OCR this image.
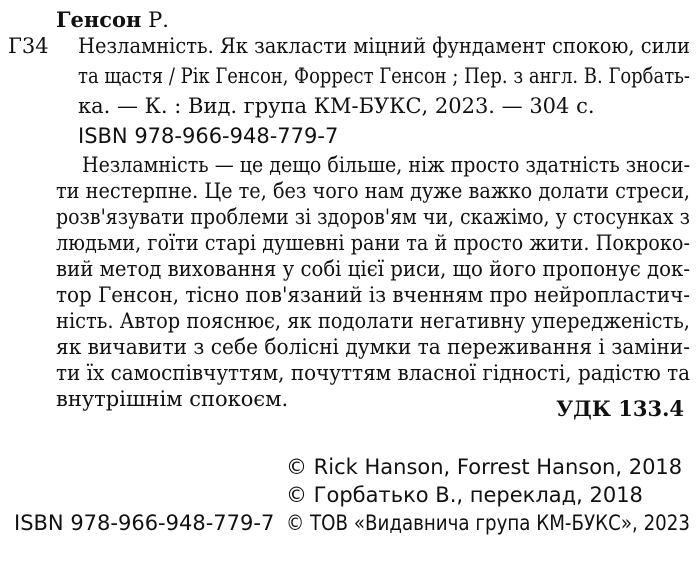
Генсон Р.
Г34 Незламність. Як закласти міцний фундамент спокою, сили
та щастя / Рік Генсон, Форрест Генсон ; Пер. з англ. В. Горбать-
ка. — К. : Вид. група КМ-БУКС, 2023. — 304 с.
ISBN 978-966-948-779-7
Незламність — це дещо більше, ніж просто здатність зноси-
ти нестерпне. Це те, без чого нам дуже важко долати стреси,
розв'язувати проблеми зі здоров'ям чи, скажімо, у стосунках з
людьми, гоїти старі душевні рани та й просто жити. Покроко-
вий метод виховання у собі цієї риси, що його пропонує док-
тор Генсон, тісно пов'язаний із вченням про нейропластич-
ність. Автор пояснює, як подолати негативну упередженість,
як вичавити з себе болісні думки та переживання і заміни-
ти їх самоспівчуттям, почуттям власної гідності, радістю та
внутрішнім спокоєм.	УДК 133.4
© Rick Hanson, Forrest Hanson, 2018
© Горбатько В., переклад, 2018
© ТОВ «Видавнича група КМ-БУКС», 2023
ISBN 978-966-948-779-7
